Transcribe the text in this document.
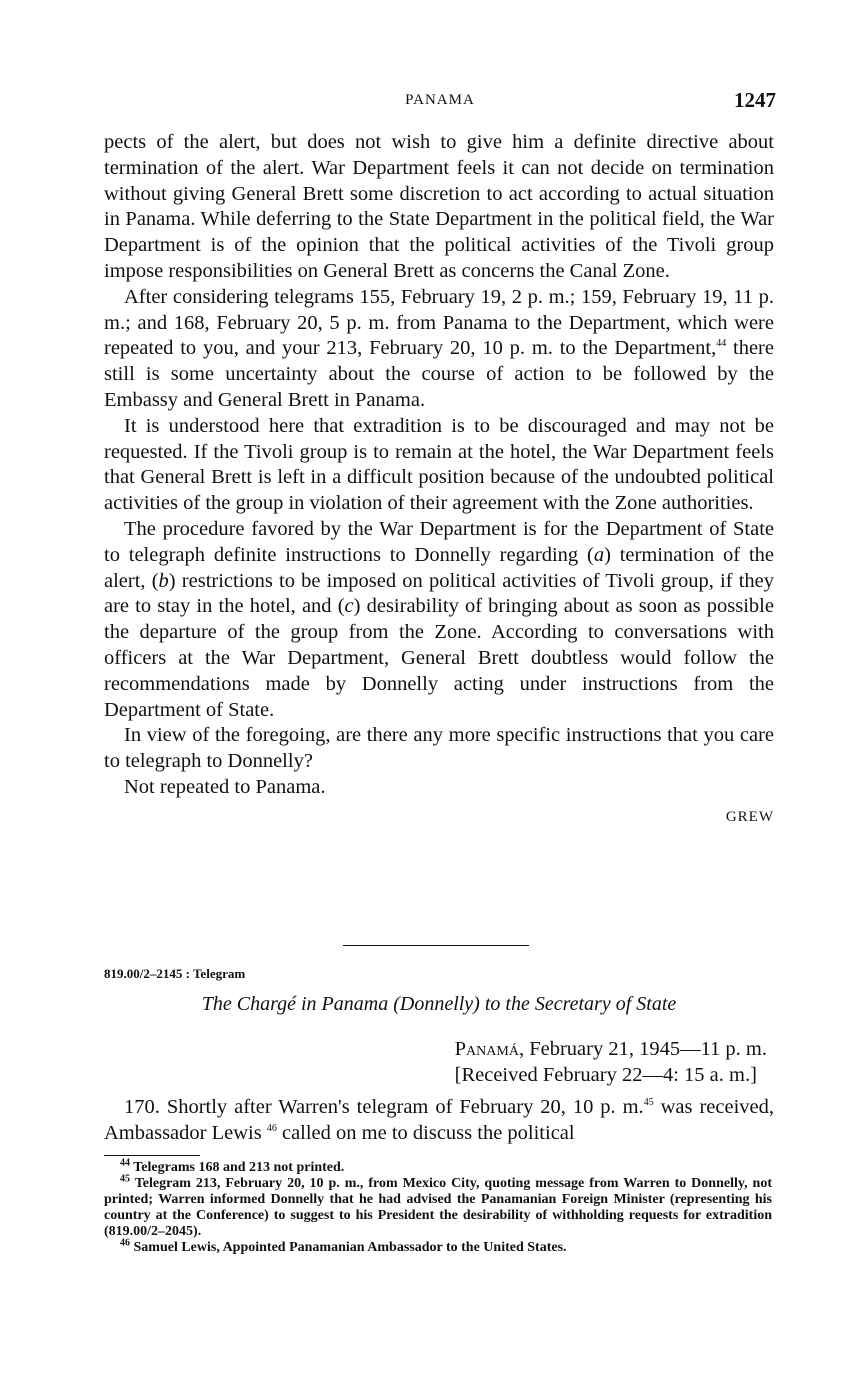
PANAMA	1247

pects of the alert, but does not wish to give him a definite directive about termination of the alert. War Department feels it can not decide on termination without giving General Brett some discretion to act according to actual situation in Panama. While deferring to the State Department in the political field, the War Department is of the opinion that the political activities of the Tivoli group impose responsibilities on General Brett as concerns the Canal Zone.

After considering telegrams 155, February 19, 2 p. m.; 159, February 19, 11 p. m.; and 168, February 20, 5 p. m. from Panama to the Department, which were repeated to you, and your 213, February 20, 10 p. m. to the Department,$^{44}$ there still is some uncertainty about the course of action to be followed by the Embassy and General Brett in Panama.

It is understood here that extradition is to be discouraged and may not be requested. If the Tivoli group is to remain at the hotel, the War Department feels that General Brett is left in a difficult position because of the undoubted political activities of the group in violation of their agreement with the Zone authorities.

The procedure favored by the War Department is for the Department of State to telegraph definite instructions to Donnelly regarding (a) termination of the alert, (b) restrictions to be imposed on political activities of Tivoli group, if they are to stay in the hotel, and (c) desirability of bringing about as soon as possible the departure of the group from the Zone. According to conversations with officers at the War Department, General Brett doubtless would follow the recommendations made by Donnelly acting under instructions from the Department of State.

In view of the foregoing, are there any more specific instructions that you care to telegraph to Donnelly?

Not repeated to Panama.

GREW
819.00/2–2145 : Telegram
The Chargé in Panama (Donnelly) to the Secretary of State
Panamá, February 21, 1945—11 p. m.
[Received February 22—4: 15 a. m.]

170. Shortly after Warren's telegram of February 20, 10 p. m.$^{45}$ was received, Ambassador Lewis $^{46}$ called on me to discuss the political

$^{44}$ Telegrams 168 and 213 not printed.

$^{45}$ Telegram 213, February 20, 10 p. m., from Mexico City, quoting message from Warren to Donnelly, not printed; Warren informed Donnelly that he had advised the Panamanian Foreign Minister (representing his country at the Conference) to suggest to his President the desirability of withholding requests for extradition (819.00/2–2045).

$^{46}$ Samuel Lewis, Appointed Panamanian Ambassador to the United States.
